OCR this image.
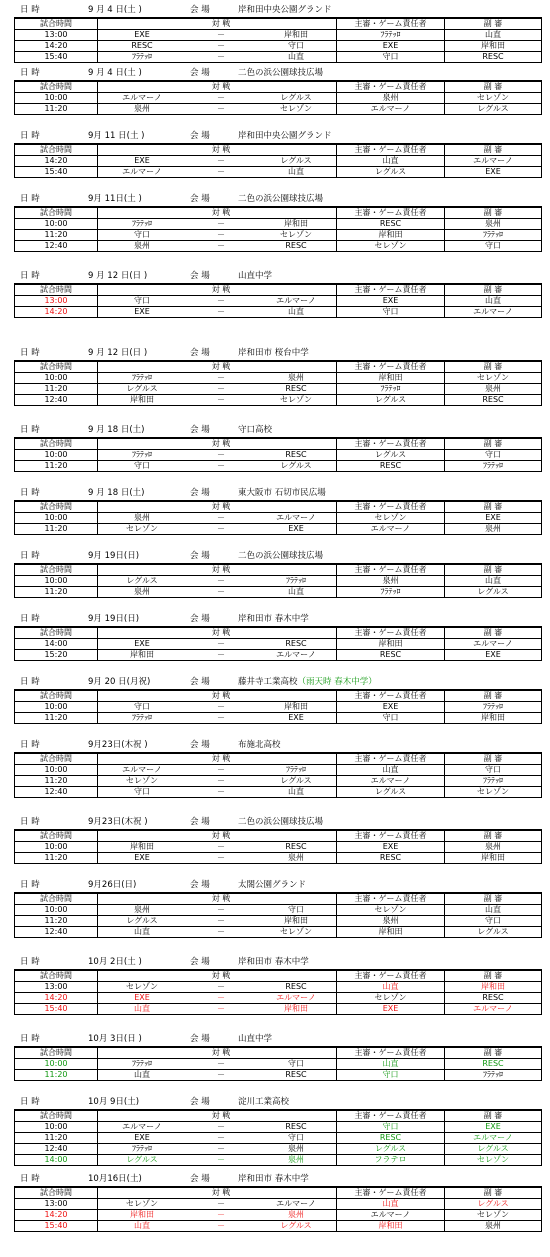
日 時	9 月 4 日(土 )	会 場	岸和田中央公園グランド
試合時間		対 戦		主審・ゲーム責任者	副 審
13:00	EXE	－	岸和田	ﾌﾗﾃｯﾛ	山直
14:20	RESC	－	守口	EXE	岸和田
15:40	ﾌﾗﾃｯﾛ	－	山直	守口	RESC
日 時	9 月 4 日(土 )	会 場	二色の浜公園球技広場
試合時間		対 戦		主審・ゲーム責任者	副 審
10:00	エルマーノ	－	レグルス	泉州	セレゾン
11:20	泉州	－	セレゾン	エルマーノ	レグルス
日 時	9月 11 日(土 )	会 場	岸和田中央公園グランド
試合時間		対 戦		主審・ゲーム責任者	副 審
14:20	EXE	－	レグルス	山直	エルマーノ
15:40	エルマーノ	－	山直	レグルス	EXE
日 時	9月 11日(土 )	会 場	二色の浜公園球技広場
試合時間		対 戦		主審・ゲーム責任者	副 審
10:00	ﾌﾗﾃｯﾛ	－	岸和田	RESC	泉州
11:20	守口	－	セレゾン	岸和田	ﾌﾗﾃｯﾛ
12:40	泉州	－	RESC	セレゾン	守口
日 時	9 月 12 日(日 )	会 場	山直中学
試合時間		対 戦		主審・ゲーム責任者	副 審
13:00	守口	－	エルマーノ	EXE	山直
14:20	EXE	－	山直	守口	エルマーノ
日 時	9 月 12 日(日 )	会 場	岸和田市 桜台中学
試合時間		対 戦		主審・ゲーム責任者	副 審
10:00	ﾌﾗﾃｯﾛ	－	泉州	岸和田	セレゾン
11:20	レグルス	－	RESC	ﾌﾗﾃｯﾛ	泉州
12:40	岸和田	－	セレゾン	レグルス	RESC
日 時	9 月 18 日(土)	会 場	守口高校
試合時間		対 戦		主審・ゲーム責任者	副 審
10:00	ﾌﾗﾃｯﾛ	－	RESC	レグルス	守口
11:20	守口	－	レグルス	RESC	ﾌﾗﾃｯﾛ
日 時	9 月 18 日(土)	会 場	東大阪市 石切市民広場
試合時間		対 戦		主審・ゲーム責任者	副 審
10:00	泉州	－	エルマーノ	セレゾン	EXE
11:20	セレゾン	－	EXE	エルマーノ	泉州
日 時	9月 19日(日)	会 場	二色の浜公園球技広場
試合時間		対 戦		主審・ゲーム責任者	副 審
10:00	レグルス	－	ﾌﾗﾃｯﾛ	泉州	山直
11:20	泉州	－	山直	ﾌﾗﾃｯﾛ	レグルス
日 時	9月 19日(日)	会 場	岸和田市 春木中学
試合時間		対 戦		主審・ゲーム責任者	副 審
14:00	EXE	－	RESC	岸和田	エルマーノ
15:20	岸和田	－	エルマーノ	RESC	EXE
日 時	9月 20 日(月祝)	会 場	藤井寺工業高校（雨天時 春木中学）
試合時間		対 戦		主審・ゲーム責任者	副 審
10:00	守口	－	岸和田	EXE	ﾌﾗﾃｯﾛ
11:20	ﾌﾗﾃｯﾛ	－	EXE	守口	岸和田
日 時	9月23日(木祝 )	会 場	布施北高校
試合時間		対 戦		主審・ゲーム責任者	副 審
10:00	エルマーノ	－	ﾌﾗﾃｯﾛ	山直	守口
11:20	セレゾン	－	レグルス	エルマーノ	ﾌﾗﾃｯﾛ
12:40	守口	－	山直	レグルス	セレゾン
日 時	9月23日(木祝 )	会 場	二色の浜公園球技広場
試合時間		対 戦		主審・ゲーム責任者	副 審
10:00	岸和田	－	RESC	EXE	泉州
11:20	EXE	－	泉州	RESC	岸和田
日 時	9月26日(日)	会 場	太閤公園グランド
試合時間		対 戦		主審・ゲーム責任者	副 審
10:00	泉州	－	守口	セレゾン	山直
11:20	レグルス	－	岸和田	泉州	守口
12:40	山直	－	セレゾン	岸和田	レグルス
日 時	10月 2日(土 )	会 場	岸和田市 春木中学
試合時間		対 戦		主審・ゲーム責任者	副 審
13:00	セレゾン	－	RESC	山直	岸和田
14:20	EXE	－	エルマーノ	セレゾン	RESC
15:40	山直	－	岸和田	EXE	エルマーノ
日 時	10月 3日(日 )	会 場	山直中学
試合時間		対 戦		主審・ゲーム責任者	副 審
10:00	ﾌﾗﾃｯﾛ	－	守口	山直	RESC
11:20	山直	－	RESC	守口	ﾌﾗﾃｯﾛ
日 時	10月 9日(土)	会 場	淀川工業高校
試合時間		対 戦		主審・ゲーム責任者	副 審
10:00	エルマーノ	－	RESC	守口	EXE
11:20	EXE	－	守口	RESC	エルマーノ
12:40	ﾌﾗﾃｯﾛ	－	泉州	レグルス	レグルス
14:00	レグルス	－	泉州	フラテロ	セレゾン
日 時	10月16日(土)	会 場	岸和田市 春木中学
試合時間		対 戦		主審・ゲーム責任者	副 審
13:00	セレゾン	－	エルマーノ	山直	レグルス
14:20	岸和田	－	泉州	エルマーノ	セレゾン
15:40	山直	－	レグルス	岸和田	泉州
